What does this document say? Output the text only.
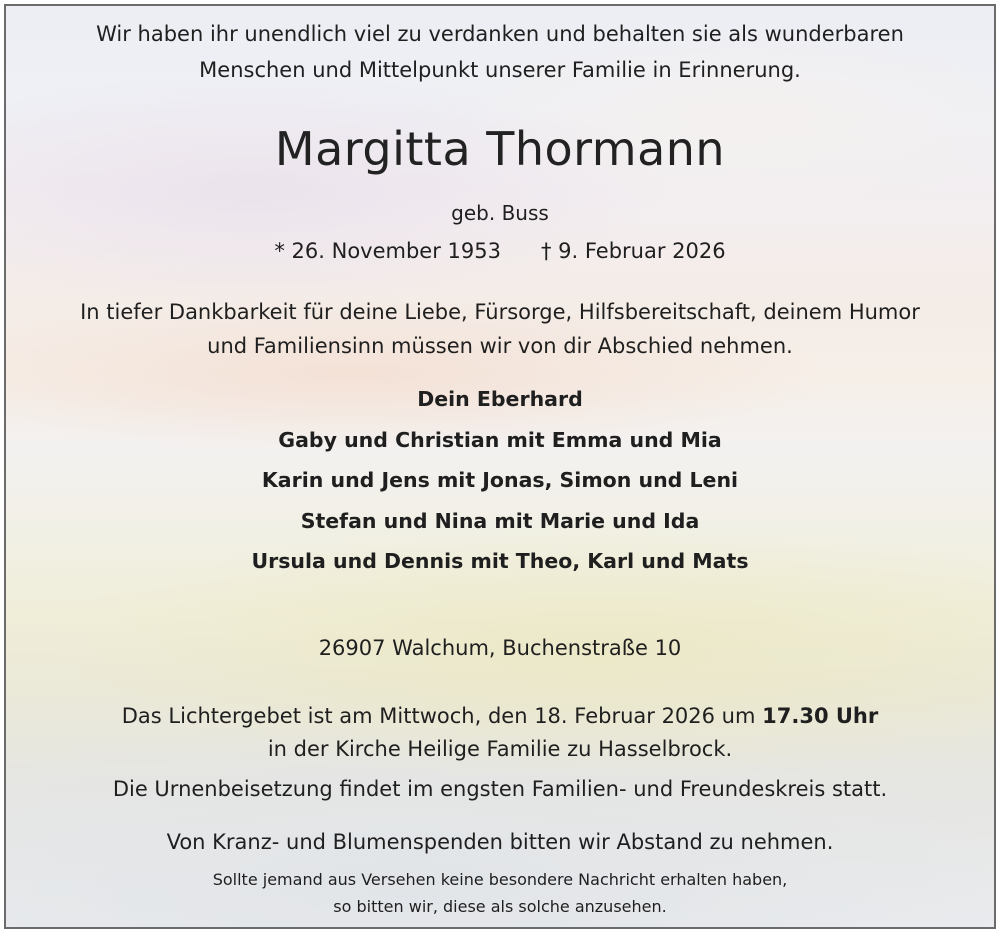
Wir haben ihr unendlich viel zu verdanken und behalten sie als wunderbaren
Menschen und Mittelpunkt unserer Familie in Erinnerung.
Margitta Thormann
geb. Buss
* 26. November 1953 † 9. Februar 2026
In tiefer Dankbarkeit für deine Liebe, Fürsorge, Hilfsbereitschaft, deinem Humor
und Familiensinn müssen wir von dir Abschied nehmen.
Dein Eberhard
Gaby und Christian mit Emma und Mia
Karin und Jens mit Jonas, Simon und Leni
Stefan und Nina mit Marie und Ida
Ursula und Dennis mit Theo, Karl und Mats
26907 Walchum, Buchenstraße 10
Das Lichtergebet ist am Mittwoch, den 18. Februar 2026 um 17.30 Uhr
in der Kirche Heilige Familie zu Hasselbrock.
Die Urnenbeisetzung findet im engsten Familien- und Freundeskreis statt.
Von Kranz- und Blumenspenden bitten wir Abstand zu nehmen.
Sollte jemand aus Versehen keine besondere Nachricht erhalten haben,
so bitten wir, diese als solche anzusehen.
